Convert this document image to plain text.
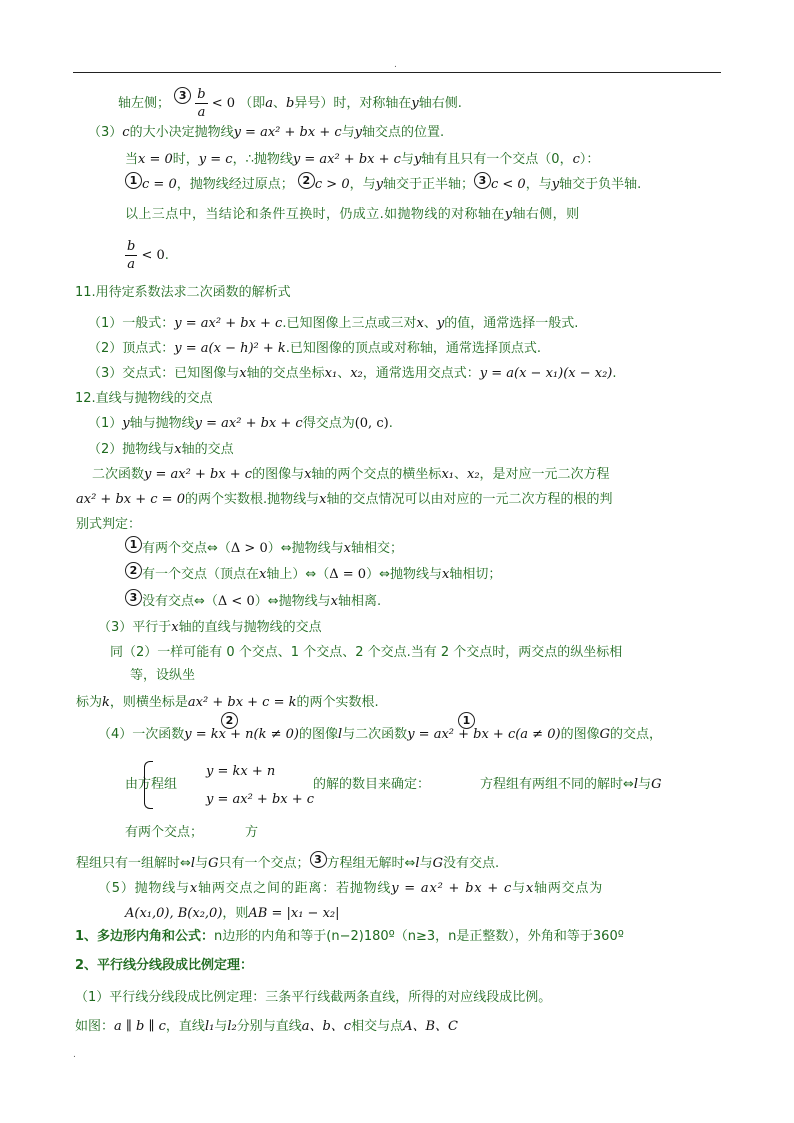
.
轴左侧； $3 \frac{b}{a} < 0$ （即a、b异号）时，对称轴在y轴右侧.
（3）c的大小决定抛物线y = ax² + bx + c与y轴交点的位置.
当x = 0时，y = c，∴抛物线y = ax² + bx + c与y轴有且只有一个交点（0，c）：
1 c = 0，抛物线经过原点； 2 c > 0，与y轴交于正半轴； 3 c < 0，与y轴交于负半轴.
以上三点中，当结论和条件互换时，仍成立.如抛物线的对称轴在y轴右侧，则
$\frac{b}{a} < 0$.
11.用待定系数法求二次函数的解析式
（1）一般式：y = ax² + bx + c.已知图像上三点或三对x、y的值，通常选择一般式.
（2）顶点式：y = a(x − h)² + k.已知图像的顶点或对称轴，通常选择顶点式.
（3）交点式：已知图像与x轴的交点坐标x₁、x₂，通常选用交点式：y = a(x − x₁)(x − x₂).
12.直线与抛物线的交点
（1）y轴与抛物线y = ax² + bx + c得交点为(0, c).
（2）抛物线与x轴的交点
二次函数y = ax² + bx + c的图像与x轴的两个交点的横坐标x₁、x₂，是对应一元二次方程
ax² + bx + c = 0的两个实数根.抛物线与x轴的交点情况可以由对应的一元二次方程的根的判
别式判定：
1 有两个交点⇔（Δ > 0）⇔抛物线与x轴相交；
2 有一个交点（顶点在x轴上）⇔（Δ = 0）⇔抛物线与x轴相切；
3 没有交点⇔（Δ < 0）⇔抛物线与x轴相离.
（3）平行于x轴的直线与抛物线的交点
同（2）一样可能有 0 个交点、1 个交点、2 个交点.当有 2 个交点时，两交点的纵坐标相
等，设纵坐
标为k，则横坐标是ax² + bx + c = k的两个实数根.
2	1
（4）一次函数y = kx + n(k ≠ 0)的图像l与二次函数y = ax² + bx + c(a ≠ 0)的图像G的交点，
由方程组
y = kx + n
y = ax² + bx + c
的解的数目来确定：	方程组有两组不同的解时⇔l与G
有两个交点；	方
程组只有一组解时⇔l与G只有一个交点； 3 方程组无解时⇔l与G没有交点.
（5）抛物线与x轴两交点之间的距离：若抛物线y = ax² + bx + c与x轴两交点为
A(x₁,0), B(x₂,0)，则AB = |x₁ − x₂|
1、多边形内角和公式：n边形的内角和等于(n−2)180º（n≥3，n是正整数），外角和等于360º
2、平行线分线段成比例定理：
（1）平行线分线段成比例定理：三条平行线截两条直线，所得的对应线段成比例。
如图：a ∥ b ∥ c，直线l₁与l₂分别与直线a、b、c相交与点A、B、C
.
